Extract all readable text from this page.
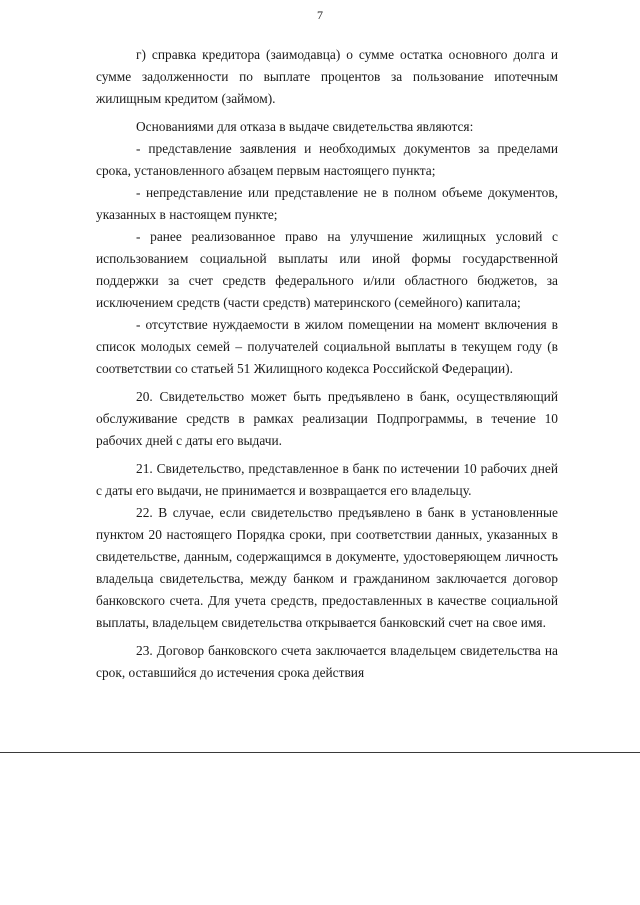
7

г) справка кредитора (заимодавца) о сумме остатка основного долга и сумме задолженности по выплате процентов за пользование ипотечным жилищным кредитом (займом).

Основаниями для отказа в выдаче свидетельства являются:

- представление заявления и необходимых документов за пределами срока, установленного абзацем первым настоящего пункта;

- непредставление или представление не в полном объеме документов, указанных в настоящем пункте;

- ранее реализованное право на улучшение жилищных условий с использованием социальной выплаты или иной формы государственной поддержки за счет средств федерального и/или областного бюджетов, за исключением средств (части средств) материнского (семейного) капитала;

- отсутствие нуждаемости в жилом помещении на момент включения в список молодых семей – получателей социальной выплаты в текущем году (в соответствии со статьей 51 Жилищного кодекса Российской Федерации).

20. Свидетельство может быть предъявлено в банк, осуществляющий обслуживание средств в рамках реализации Подпрограммы, в течение 10 рабочих дней с даты его выдачи.

21. Свидетельство, представленное в банк по истечении 10 рабочих дней с даты его выдачи, не принимается и возвращается его владельцу.

22. В случае, если свидетельство предъявлено в банк в установленные пунктом 20 настоящего Порядка сроки, при соответствии данных, указанных в свидетельстве, данным, содержащимся в документе, удостоверяющем личность владельца свидетельства, между банком и гражданином заключается договор банковского счета. Для учета средств, предоставленных в качестве социальной выплаты, владельцем свидетельства открывается банковский счет на свое имя.

23. Договор банковского счета заключается владельцем свидетельства на срок, оставшийся до истечения срока действия
